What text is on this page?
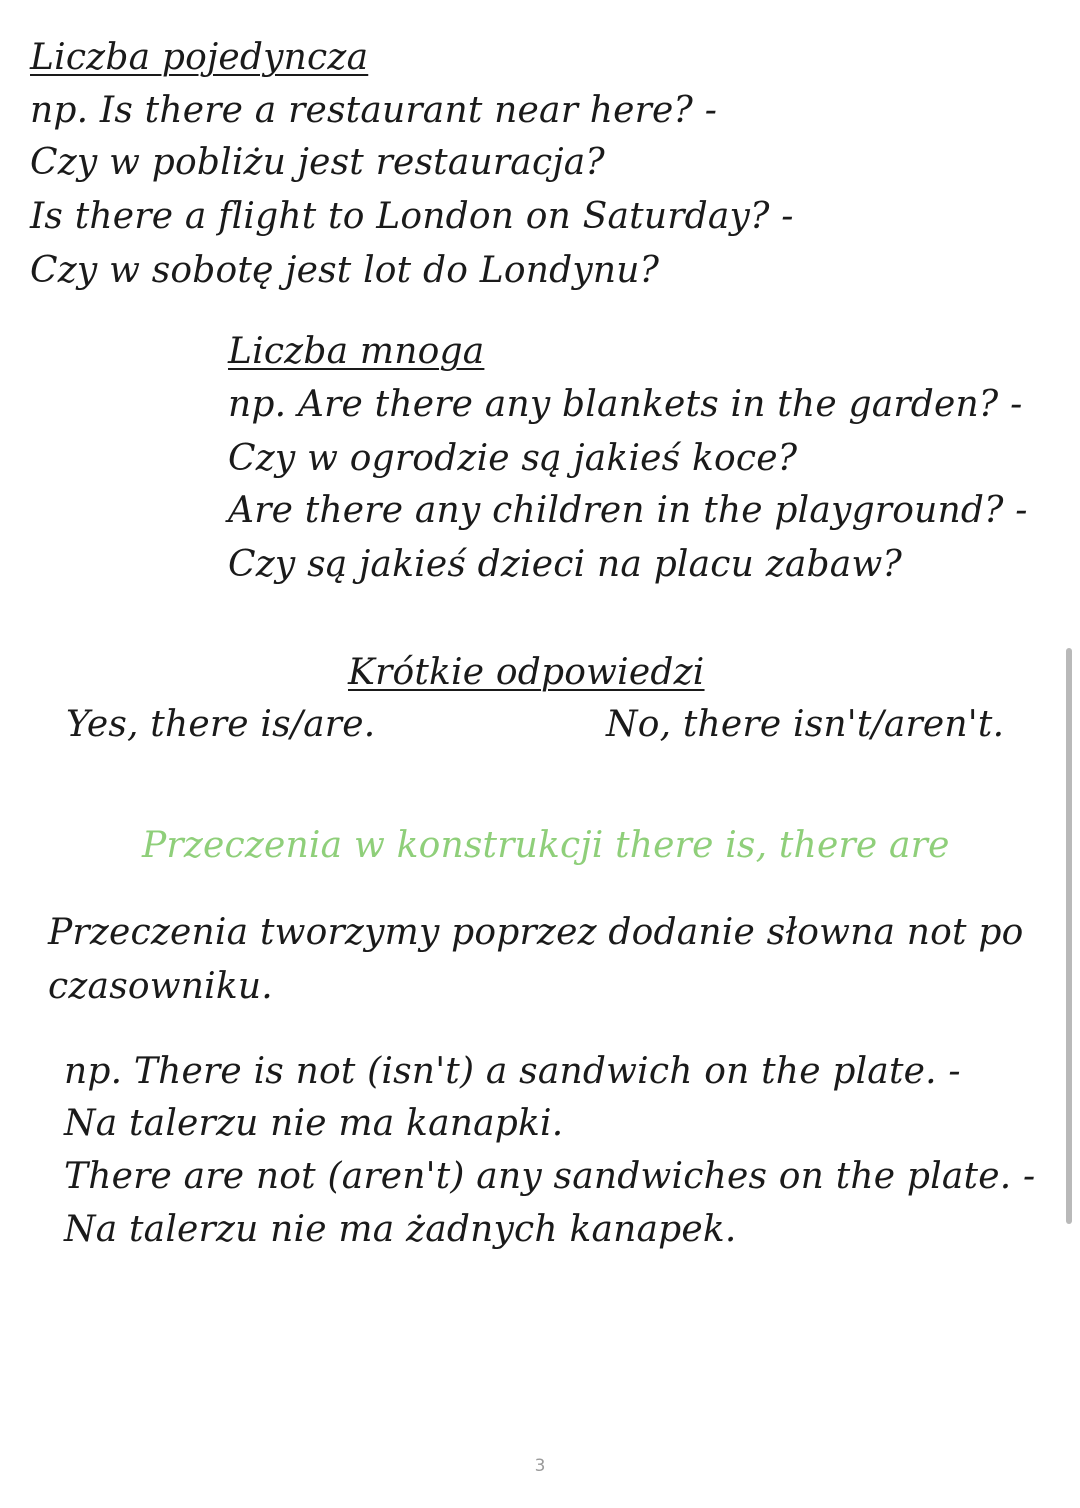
Liczba pojedyncza
np. Is there a restaurant near here? -
Czy w pobliżu jest restauracja?
Is there a flight to London on Saturday? -
Czy w sobotę jest lot do Londynu?
Liczba mnoga
np. Are there any blankets in the garden? -
Czy w ogrodzie są jakieś koce?
Are there any children in the playground? -
Czy są jakieś dzieci na placu zabaw?
Krótkie odpowiedzi
Yes, there is/are.	No, there isn't/aren't.
Przeczenia w konstrukcji there is, there are
Przeczenia tworzymy poprzez dodanie słowna not po
czasowniku.
np. There is not (isn't) a sandwich on the plate. -
Na talerzu nie ma kanapki.
There are not (aren't) any sandwiches on the plate. -
Na talerzu nie ma żadnych kanapek.
3
